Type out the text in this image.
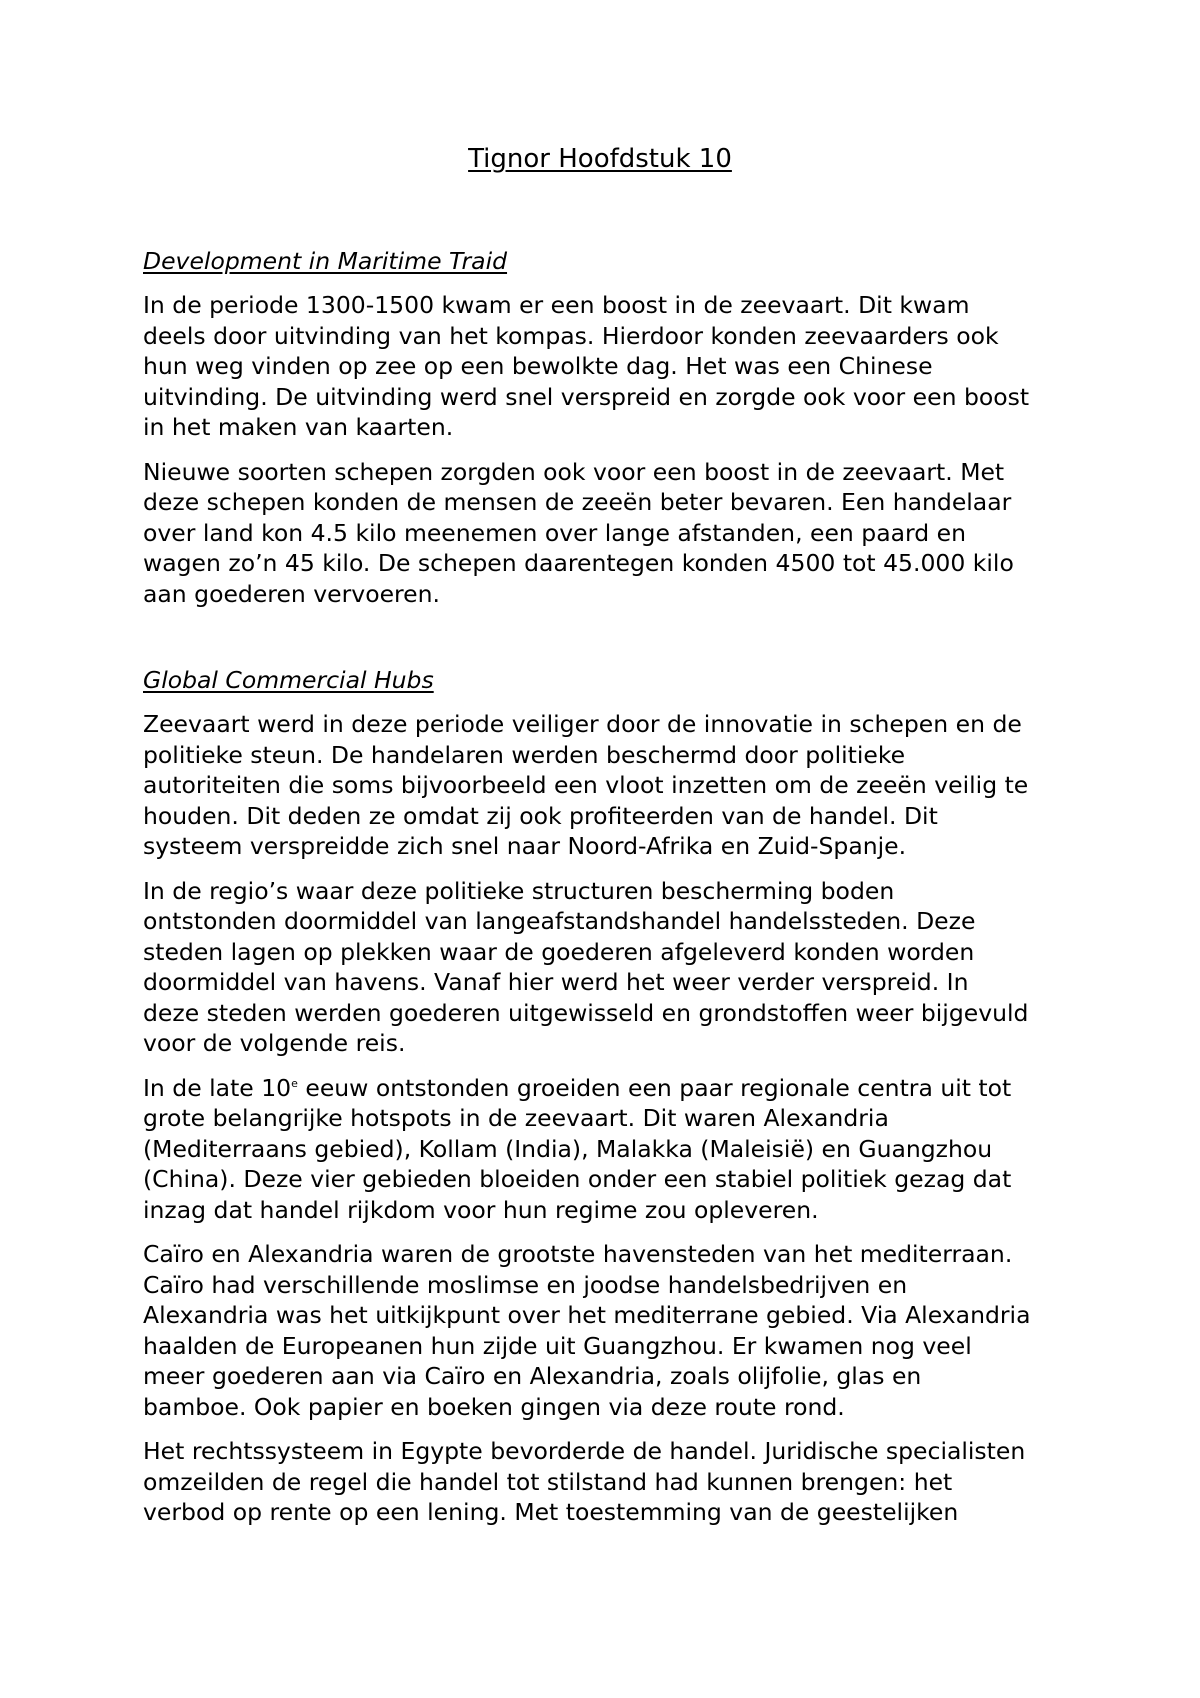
Tignor Hoofdstuk 10
Development in Maritime Traid

In de periode 1300-1500 kwam er een boost in de zeevaart. Dit kwam
deels door uitvinding van het kompas. Hierdoor konden zeevaarders ook
hun weg vinden op zee op een bewolkte dag. Het was een Chinese
uitvinding. De uitvinding werd snel verspreid en zorgde ook voor een boost
in het maken van kaarten.

Nieuwe soorten schepen zorgden ook voor een boost in de zeevaart. Met
deze schepen konden de mensen de zeeën beter bevaren. Een handelaar
over land kon 4.5 kilo meenemen over lange afstanden, een paard en
wagen zo’n 45 kilo. De schepen daarentegen konden 4500 tot 45.000 kilo
aan goederen vervoeren.

Global Commercial Hubs

Zeevaart werd in deze periode veiliger door de innovatie in schepen en de
politieke steun. De handelaren werden beschermd door politieke
autoriteiten die soms bijvoorbeeld een vloot inzetten om de zeeën veilig te
houden. Dit deden ze omdat zij ook profiteerden van de handel. Dit
systeem verspreidde zich snel naar Noord-Afrika en Zuid-Spanje.

In de regio’s waar deze politieke structuren bescherming boden
ontstonden doormiddel van langeafstandshandel handelssteden. Deze
steden lagen op plekken waar de goederen afgeleverd konden worden
doormiddel van havens. Vanaf hier werd het weer verder verspreid. In
deze steden werden goederen uitgewisseld en grondstoffen weer bijgevuld
voor de volgende reis.

In de late 10e eeuw ontstonden groeiden een paar regionale centra uit tot
grote belangrijke hotspots in de zeevaart. Dit waren Alexandria
(Mediterraans gebied), Kollam (India), Malakka (Maleisië) en Guangzhou
(China). Deze vier gebieden bloeiden onder een stabiel politiek gezag dat
inzag dat handel rijkdom voor hun regime zou opleveren.

Caïro en Alexandria waren de grootste havensteden van het mediterraan.
Caïro had verschillende moslimse en joodse handelsbedrijven en
Alexandria was het uitkijkpunt over het mediterrane gebied. Via Alexandria
haalden de Europeanen hun zijde uit Guangzhou. Er kwamen nog veel
meer goederen aan via Caïro en Alexandria, zoals olijfolie, glas en
bamboe. Ook papier en boeken gingen via deze route rond.

Het rechtssysteem in Egypte bevorderde de handel. Juridische specialisten
omzeilden de regel die handel tot stilstand had kunnen brengen: het
verbod op rente op een lening. Met toestemming van de geestelijken
